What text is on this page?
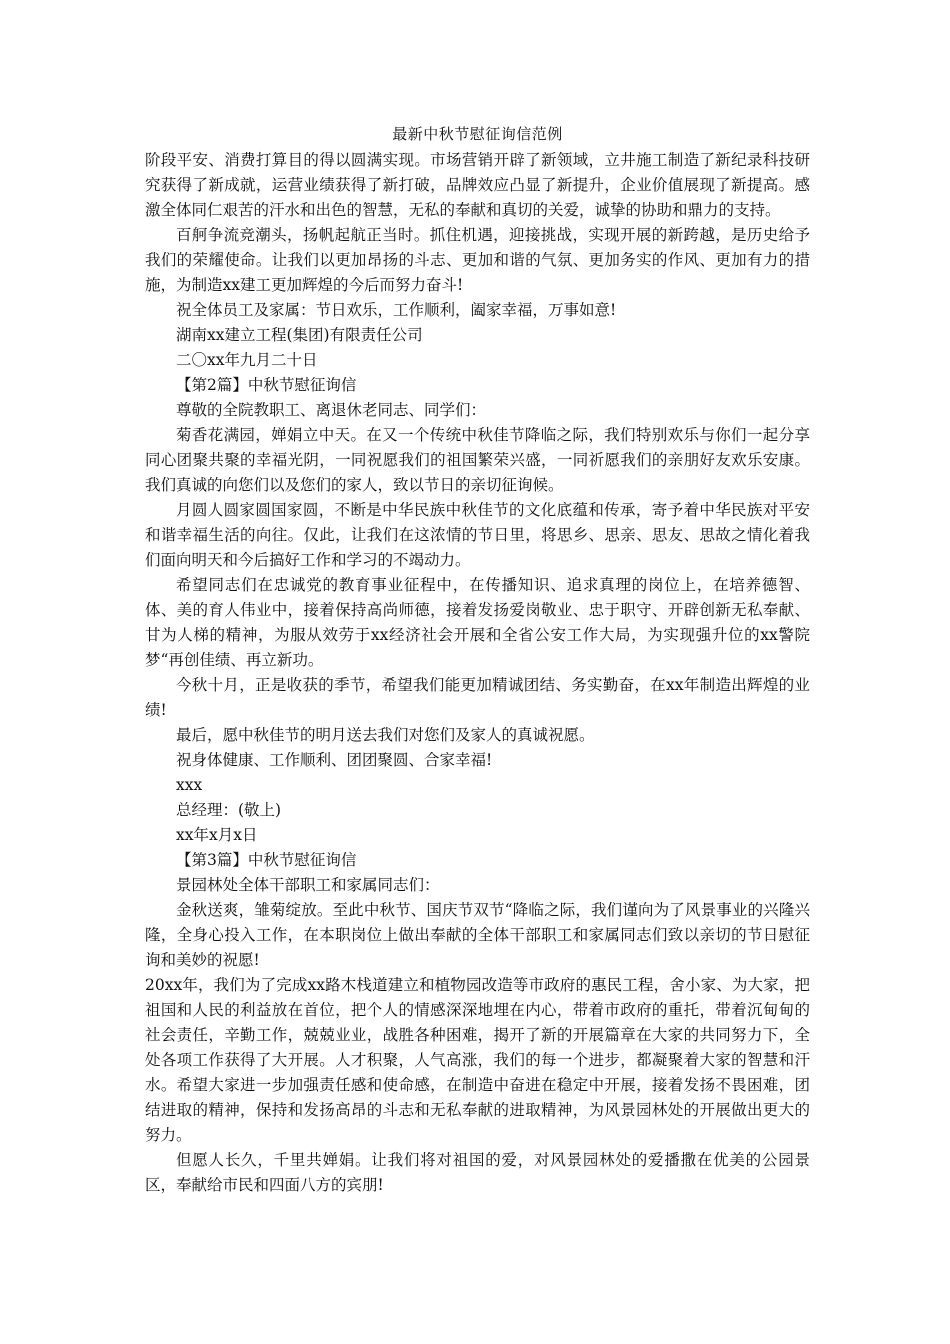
最新中秋节慰征询信范例

阶段平安、消费打算目的得以圆满实现。市场营销开辟了新领域，立井施工制造了新纪录科技研究获得了新成就，运营业绩获得了新打破，品牌效应凸显了新提升，企业价值展现了新提高。感激全体同仁艰苦的汗水和出色的智慧，无私的奉献和真切的关爱，诚挚的协助和鼎力的支持。

百舸争流竞潮头，扬帆起航正当时。抓住机遇，迎接挑战，实现开展的新跨越，是历史给予我们的荣耀使命。让我们以更加昂扬的斗志、更加和谐的气氛、更加务实的作风、更加有力的措施，为制造xx建工更加辉煌的今后而努力奋斗!

祝全体员工及家属：节日欢乐，工作顺利，阖家幸福，万事如意!

湖南xx建立工程(集团)有限责任公司

二〇xx年九月二十日

【第2篇】中秋节慰征询信

尊敬的全院教职工、离退休老同志、同学们：

菊香花满园，婵娟立中天。在又一个传统中秋佳节降临之际，我们特别欢乐与你们一起分享同心团聚共聚的幸福光阴，一同祝愿我们的祖国繁荣兴盛，一同祈愿我们的亲朋好友欢乐安康。我们真诚的向您们以及您们的家人，致以节日的亲切征询候。

月圆人圆家圆国家圆，不断是中华民族中秋佳节的文化底蕴和传承，寄予着中华民族对平安和谐幸福生活的向往。仅此，让我们在这浓情的节日里，将思乡、思亲、思友、思故之情化着我们面向明天和今后搞好工作和学习的不竭动力。

希望同志们在忠诚党的教育事业征程中，在传播知识、追求真理的岗位上，在培养德智、体、美的育人伟业中，接着保持高尚师德，接着发扬爱岗敬业、忠于职守、开辟创新无私奉献、甘为人梯的精神，为服从效劳于xx经济社会开展和全省公安工作大局，为实现强升位的xx警院梦“再创佳绩、再立新功。

今秋十月，正是收获的季节，希望我们能更加精诚团结、务实勤奋，在xx年制造出辉煌的业绩!

最后，愿中秋佳节的明月送去我们对您们及家人的真诚祝愿。

祝身体健康、工作顺利、团团聚圆、合家幸福!

xxx

总经理：(敬上)

xx年x月x日

【第3篇】中秋节慰征询信

景园林处全体干部职工和家属同志们：

金秋送爽，雏菊绽放。至此中秋节、国庆节双节“降临之际，我们谨向为了风景事业的兴隆兴隆，全身心投入工作，在本职岗位上做出奉献的全体干部职工和家属同志们致以亲切的节日慰征询和美妙的祝愿!

20xx年，我们为了完成xx路木栈道建立和植物园改造等市政府的惠民工程，舍小家、为大家，把祖国和人民的利益放在首位，把个人的情感深深地埋在内心，带着市政府的重托，带着沉甸甸的社会责任，辛勤工作，兢兢业业，战胜各种困难，揭开了新的开展篇章在大家的共同努力下，全处各项工作获得了大开展。人才积聚，人气高涨，我们的每一个进步，都凝聚着大家的智慧和汗水。希望大家进一步加强责任感和使命感，在制造中奋进在稳定中开展，接着发扬不畏困难，团结进取的精神，保持和发扬高昂的斗志和无私奉献的进取精神，为风景园林处的开展做出更大的努力。

但愿人长久，千里共婵娟。让我们将对祖国的爱，对风景园林处的爱播撒在优美的公园景区，奉献给市民和四面八方的宾朋!
